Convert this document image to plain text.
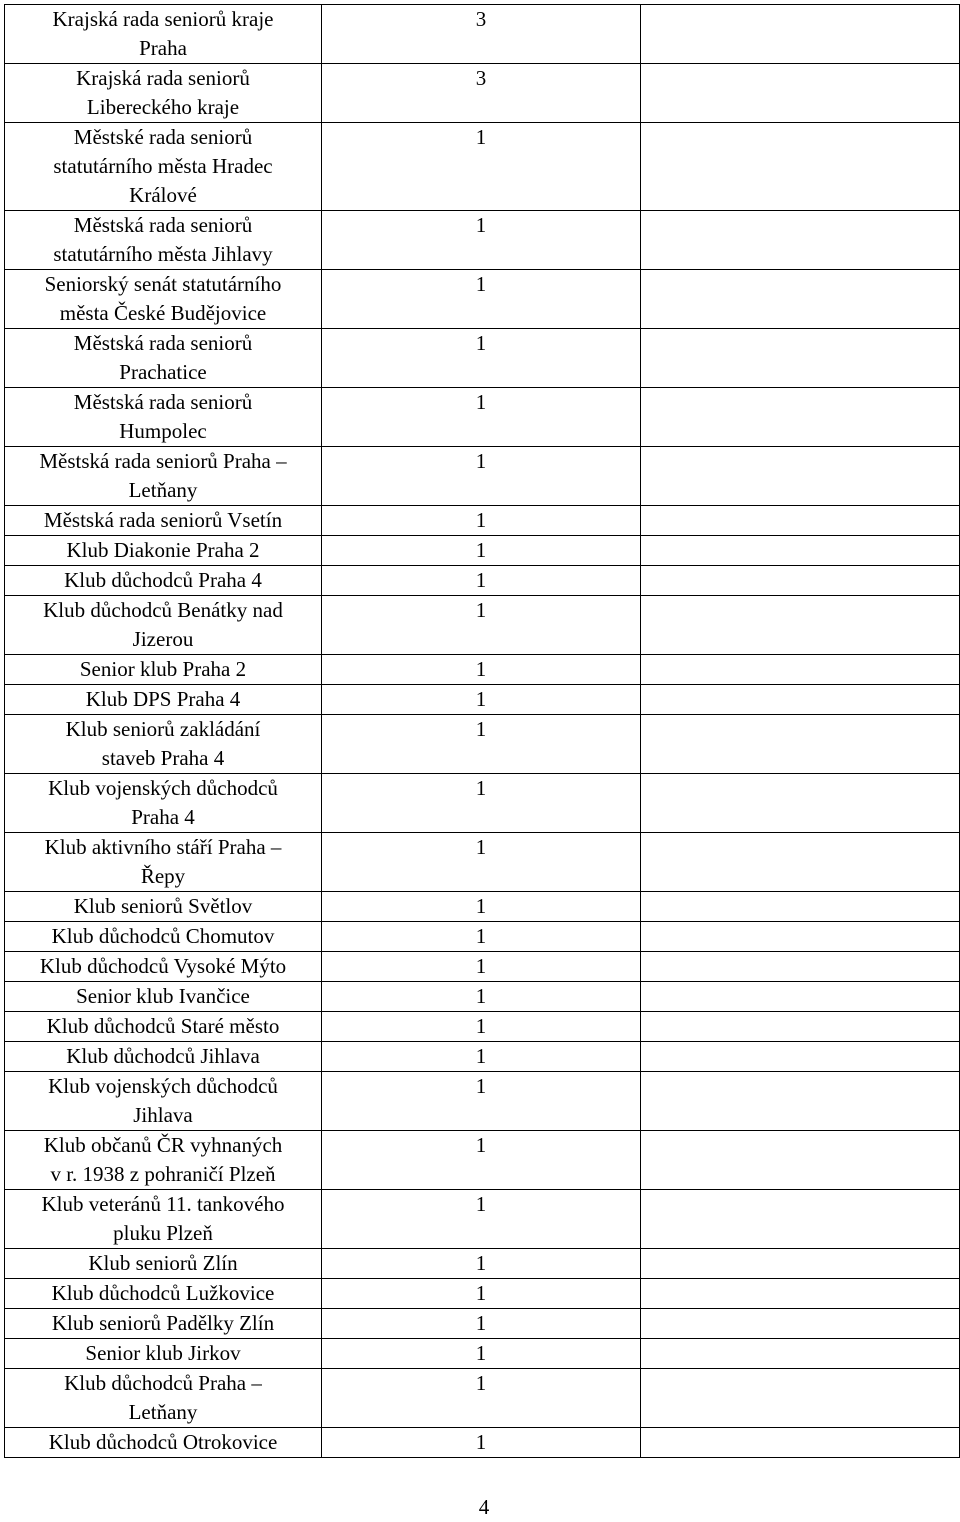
Krajská rada seniorů kraje
Praha	3	
Krajská rada seniorů
Libereckého kraje	3	
Městské rada seniorů
statutárního města Hradec
Králové	1	
Městská rada seniorů
statutárního města Jihlavy	1	
Seniorský senát statutárního
města České Budějovice	1	
Městská rada seniorů
Prachatice	1	
Městská rada seniorů
Humpolec	1	
Městská rada seniorů Praha –
Letňany	1	
Městská rada seniorů Vsetín	1	
Klub Diakonie Praha 2	1	
Klub důchodců Praha 4	1	
Klub důchodců Benátky nad
Jizerou	1	
Senior klub Praha 2	1	
Klub DPS Praha 4	1	
Klub seniorů zakládání
staveb Praha 4	1	
Klub vojenských důchodců
Praha 4	1	
Klub aktivního stáří Praha –
Řepy	1	
Klub seniorů Světlov	1	
Klub důchodců Chomutov	1	
Klub důchodců Vysoké Mýto	1	
Senior klub Ivančice	1	
Klub důchodců Staré město	1	
Klub důchodců Jihlava	1	
Klub vojenských důchodců
Jihlava	1	
Klub občanů ČR vyhnaných
v r. 1938 z pohraničí Plzeň	1	
Klub veteránů 11. tankového
pluku Plzeň	1	
Klub seniorů Zlín	1	
Klub důchodců Lužkovice	1	
Klub seniorů Padělky Zlín	1	
Senior klub Jirkov	1	
Klub důchodců Praha –
Letňany	1	
Klub důchodců Otrokovice	1	
4
